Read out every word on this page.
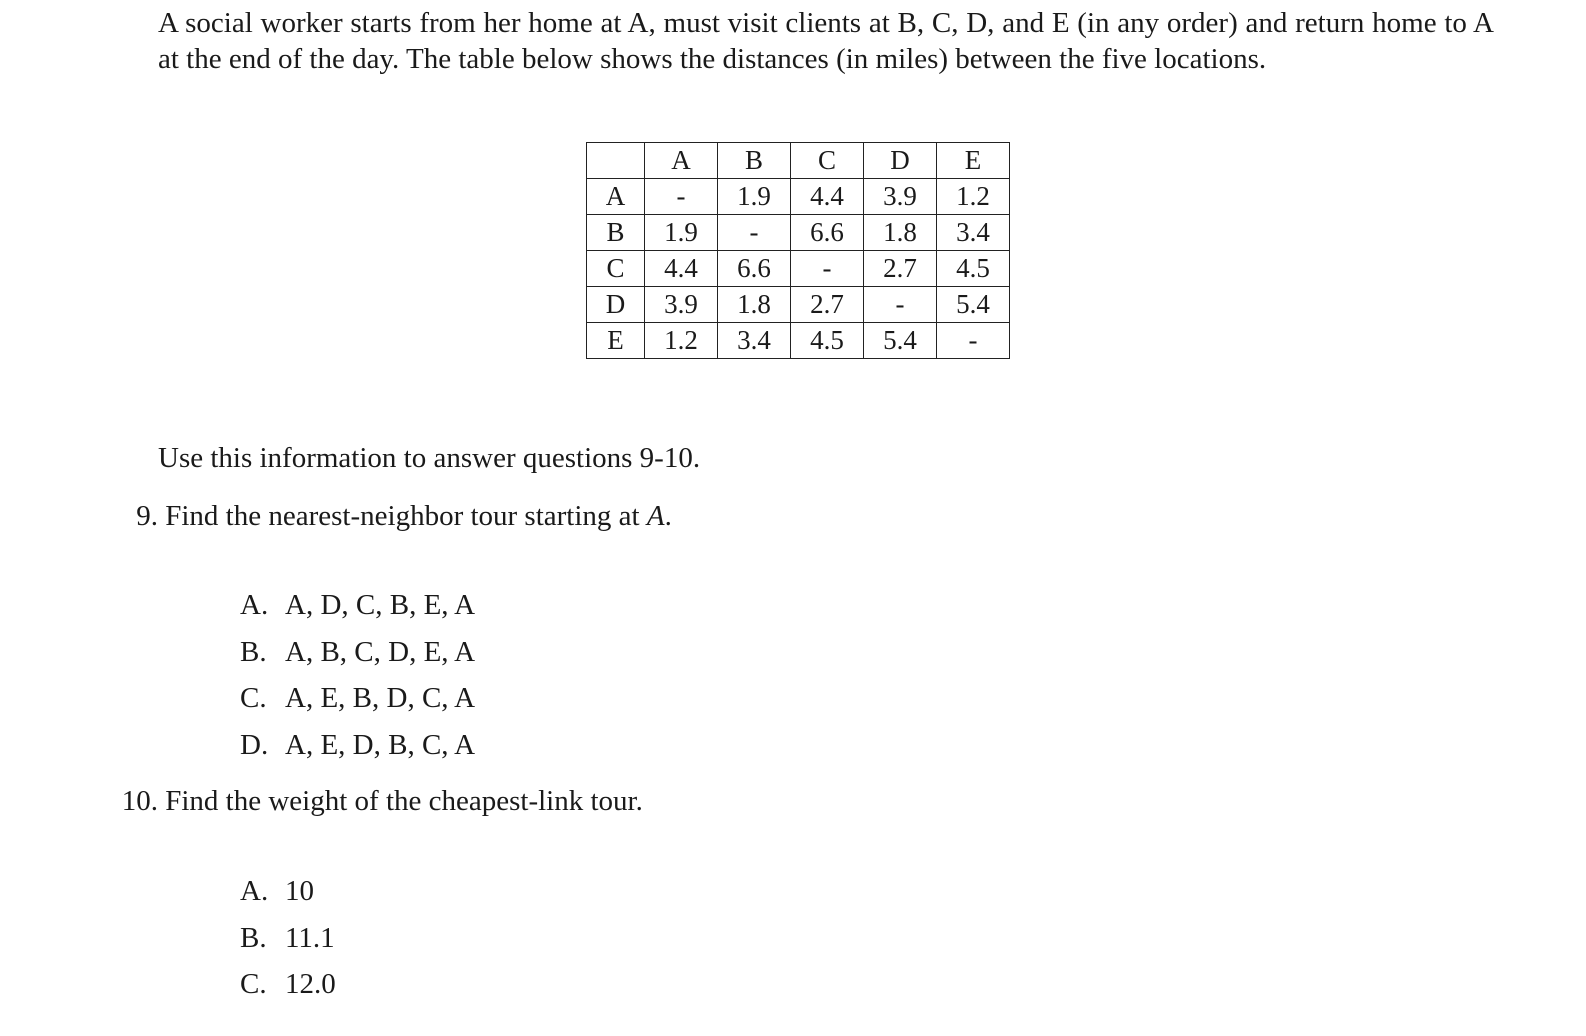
A social worker starts from her home at A, must visit clients at B, C, D, and E (in any order) and return home to A at the end of the day. The table below shows the distances (in miles) between the five locations.

	A	B	C	D	E
A	-	1.9	4.4	3.9	1.2
B	1.9	-	6.6	1.8	3.4
C	4.4	6.6	-	2.7	4.5
D	3.9	1.8	2.7	-	5.4
E	1.2	3.4	4.5	5.4	-
Use this information to answer questions 9-10.
9. Find the nearest-neighbor tour starting at A.
A. A, D, C, B, E, A
B. A, B, C, D, E, A
C. A, E, B, D, C, A
D. A, E, D, B, C, A
10. Find the weight of the cheapest-link tour.
A. 10
B. 11.1
C. 12.0
